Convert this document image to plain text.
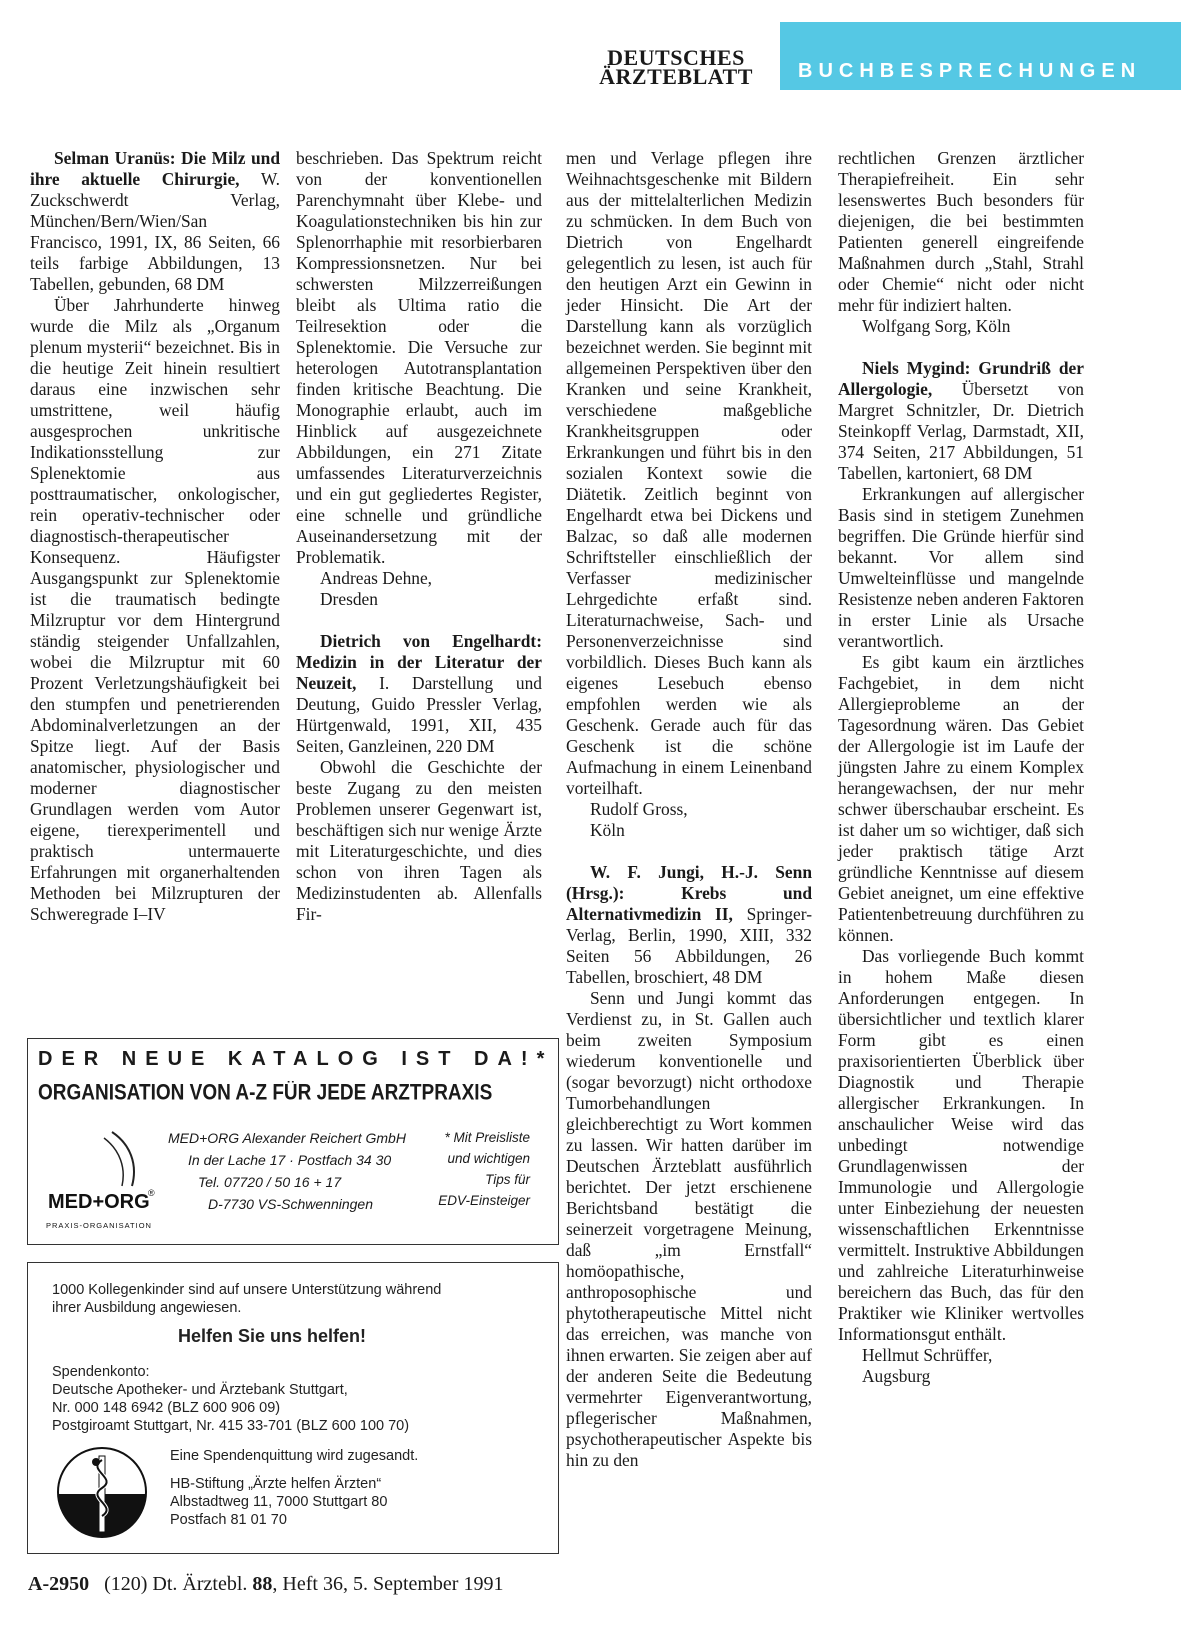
DEUTSCHES
ÄRZTEBLATT	BUCHBESPRECHUNGEN

Selman Uranüs: Die Milz und ihre aktuelle Chirurgie, W. Zuckschwerdt Verlag, München/Bern/Wien/San Francisco, 1991, IX, 86 Seiten, 66 teils farbige Abbildungen, 13 Tabellen, gebunden, 68 DM

Über Jahrhunderte hinweg wurde die Milz als „Organum plenum mysterii“ bezeichnet. Bis in die heutige Zeit hinein resultiert daraus eine inzwischen sehr umstrittene, weil häufig ausgesprochen unkritische Indikationsstellung zur Splenektomie aus posttraumatischer, onkologischer, rein operativ-technischer oder diagnostisch-therapeutischer Konsequenz. Häufigster Ausgangspunkt zur Splenektomie ist die traumatisch bedingte Milzruptur vor dem Hintergrund ständig steigender Unfallzahlen, wobei die Milzruptur mit 60 Prozent Verletzungshäufigkeit bei den stumpfen und penetrierenden Abdominalverletzungen an der Spitze liegt. Auf der Basis anatomischer, physiologischer und moderner diagnostischer Grundlagen werden vom Autor eigene, tierexperimentell und praktisch untermauerte Erfahrungen mit organerhaltenden Methoden bei Milzrupturen der Schweregrade I–IV

beschrieben. Das Spektrum reicht von der konventionellen Parenchymnaht über Klebe- und Koagulationstechniken bis hin zur Splenorrhaphie mit resorbierbaren Kompressionsnetzen. Nur bei schwersten Milzzerreißungen bleibt als Ultima ratio die Teilresektion oder die Splenektomie. Die Versuche zur heterologen Autotransplantation finden kritische Beachtung. Die Monographie erlaubt, auch im Hinblick auf ausgezeichnete Abbildungen, ein 271 Zitate umfassendes Literaturverzeichnis und ein gut gegliedertes Register, eine schnelle und gründliche Auseinandersetzung mit der Problematik.

Andreas Dehne,

Dresden

Dietrich von Engelhardt: Medizin in der Literatur der Neuzeit, I. Darstellung und Deutung, Guido Pressler Verlag, Hürtgenwald, 1991, XII, 435 Seiten, Ganzleinen, 220 DM

Obwohl die Geschichte der beste Zugang zu den meisten Problemen unserer Gegenwart ist, beschäftigen sich nur wenige Ärzte mit Literaturgeschichte, und dies schon von ihren Tagen als Medizinstudenten ab. Allenfalls Fir-

men und Verlage pflegen ihre Weihnachtsgeschenke mit Bildern aus der mittelalterlichen Medizin zu schmücken. In dem Buch von Dietrich von Engelhardt gelegentlich zu lesen, ist auch für den heutigen Arzt ein Gewinn in jeder Hinsicht. Die Art der Darstellung kann als vorzüglich bezeichnet werden. Sie beginnt mit allgemeinen Perspektiven über den Kranken und seine Krankheit, verschiedene maßgebliche Krankheitsgruppen oder Erkrankungen und führt bis in den sozialen Kontext sowie die Diätetik. Zeitlich beginnt von Engelhardt etwa bei Dickens und Balzac, so daß alle modernen Schriftsteller einschließlich der Verfasser medizinischer Lehrgedichte erfaßt sind. Literaturnachweise, Sach- und Personenverzeichnisse sind vorbildlich. Dieses Buch kann als eigenes Lesebuch ebenso empfohlen werden wie als Geschenk. Gerade auch für das Geschenk ist die schöne Aufmachung in einem Leinenband vorteilhaft.

Rudolf Gross,

Köln

W. F. Jungi, H.-J. Senn (Hrsg.): Krebs und Alternativmedizin II, Springer-Verlag, Berlin, 1990, XIII, 332 Seiten 56 Abbildungen, 26 Tabellen, broschiert, 48 DM

Senn und Jungi kommt das Verdienst zu, in St. Gallen auch beim zweiten Symposium wiederum konventionelle und (sogar bevorzugt) nicht orthodoxe Tumorbehandlungen gleichberechtigt zu Wort kommen zu lassen. Wir hatten darüber im Deutschen Ärzteblatt ausführlich berichtet. Der jetzt erschienene Berichtsband bestätigt die seinerzeit vorgetragene Meinung, daß „im Ernstfall“ homöopathische, anthroposophische und phytotherapeutische Mittel nicht das erreichen, was manche von ihnen erwarten. Sie zeigen aber auf der anderen Seite die Bedeutung vermehrter Eigenverantwortung, pflegerischer Maßnahmen, psychotherapeutischer Aspekte bis hin zu den

rechtlichen Grenzen ärztlicher Therapiefreiheit. Ein sehr lesenswertes Buch besonders für diejenigen, die bei bestimmten Patienten generell eingreifende Maßnahmen durch „Stahl, Strahl oder Chemie“ nicht oder nicht mehr für indiziert halten.

Wolfgang Sorg, Köln

Niels Mygind: Grundriß der Allergologie, Übersetzt von Margret Schnitzler, Dr. Dietrich Steinkopff Verlag, Darmstadt, XII, 374 Seiten, 217 Abbildungen, 51 Tabellen, kartoniert, 68 DM

Erkrankungen auf allergischer Basis sind in stetigem Zunehmen begriffen. Die Gründe hierfür sind bekannt. Vor allem sind Umwelteinflüsse und mangelnde Resistenze neben anderen Faktoren in erster Linie als Ursache verantwortlich.

Es gibt kaum ein ärztliches Fachgebiet, in dem nicht Allergieprobleme an der Tagesordnung wären. Das Gebiet der Allergologie ist im Laufe der jüngsten Jahre zu einem Komplex herangewachsen, der nur mehr schwer überschaubar erscheint. Es ist daher um so wichtiger, daß sich jeder praktisch tätige Arzt gründliche Kenntnisse auf diesem Gebiet aneignet, um eine effektive Patientenbetreuung durchführen zu können.

Das vorliegende Buch kommt in hohem Maße diesen Anforderungen entgegen. In übersichtlicher und textlich klarer Form gibt es einen praxisorientierten Überblick über Diagnostik und Therapie allergischer Erkrankungen. In anschaulicher Weise wird das unbedingt notwendige Grundlagenwissen der Immunologie und Allergologie unter Einbeziehung der neuesten wissenschaftlichen Erkenntnisse vermittelt. Instruktive Abbildungen und zahlreiche Literaturhinweise bereichern das Buch, das für den Praktiker wie Kliniker wertvolles Informationsgut enthält.

Hellmut Schrüffer,

Augsburg

DER NEUE KATALOG IST DA!*
ORGANISATION VON A-Z FÜR JEDE ARZTPRAXIS
MED+ORG
®
PRAXIS-ORGANISATION
MED+ORG Alexander Reichert GmbH
In der Lache 17 · Postfach 34 30
Tel. 07720 / 50 16 + 17
D-7730 VS-Schwenningen
* Mit Preisliste
und wichtigen
Tips für
EDV-Einsteiger
1000 Kollegenkinder sind auf unsere Unterstützung während
ihrer Ausbildung angewiesen.
Helfen Sie uns helfen!
Spendenkonto:
Deutsche Apotheker- und Ärztebank Stuttgart,
Nr. 000 148 6942 (BLZ 600 906 09)
Postgiroamt Stuttgart, Nr. 415 33-701 (BLZ 600 100 70)
Eine Spendenquittung wird zugesandt.
HB-Stiftung „Ärzte helfen Ärzten“
Albstadtweg 11, 7000 Stuttgart 80
Postfach 81 01 70
A-2950 (120) Dt. Ärztebl. 88, Heft 36, 5. September 1991
